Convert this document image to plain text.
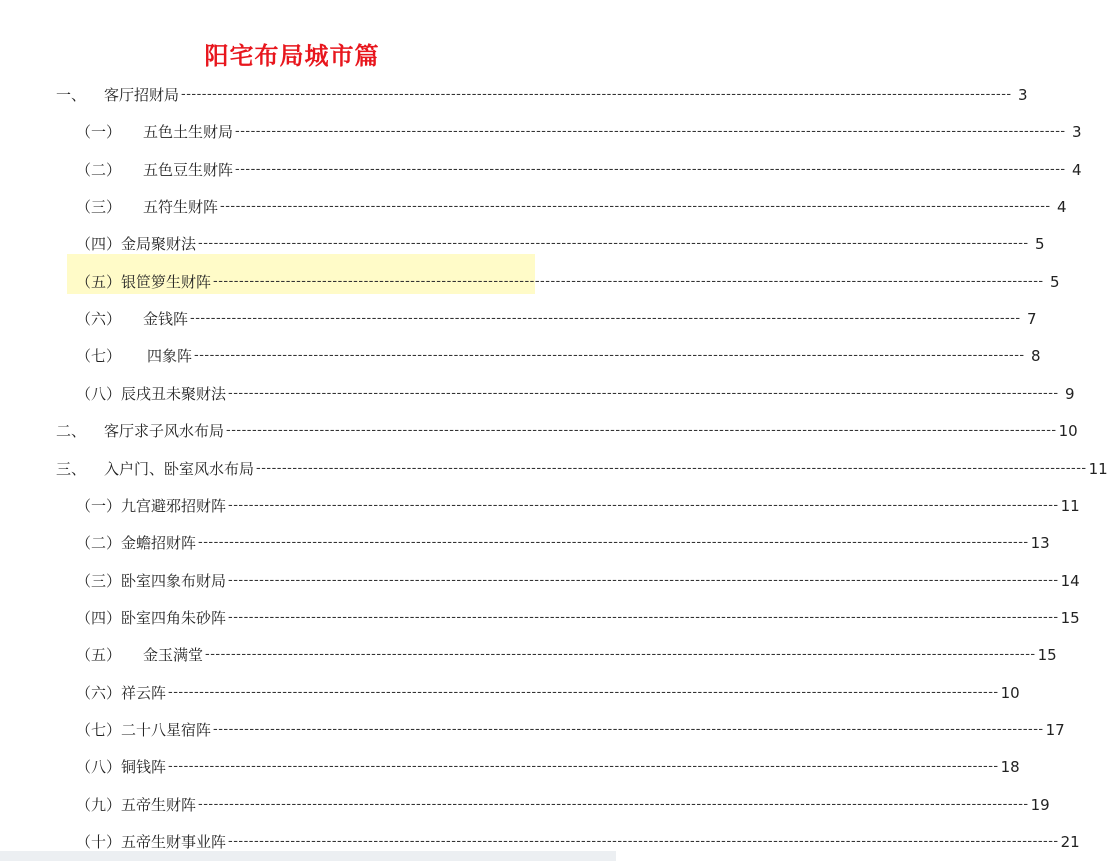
阳宅布局城市篇
一、	客厅招财局 ---------------------------------------------------------------------------------------------------------------------------------------------------------------- 3
（一）	五色土生财局 ---------------------------------------------------------------------------------------------------------------------------------------------------------------- 3
（二）	五色豆生财阵 ---------------------------------------------------------------------------------------------------------------------------------------------------------------- 4
（三）	五符生财阵 ---------------------------------------------------------------------------------------------------------------------------------------------------------------- 4
（四） 金局聚财法 ---------------------------------------------------------------------------------------------------------------------------------------------------------------- 5
（五） 银笸箩生财阵 ---------------------------------------------------------------------------------------------------------------------------------------------------------------- 5
（六）	金钱阵 ---------------------------------------------------------------------------------------------------------------------------------------------------------------- 7
（七）	四象阵 ---------------------------------------------------------------------------------------------------------------------------------------------------------------- 8
（八） 辰戌丑未聚财法 ---------------------------------------------------------------------------------------------------------------------------------------------------------------- 9
二、	客厅求子风水布局 ---------------------------------------------------------------------------------------------------------------------------------------------------------------- 10
三、	入户门、卧室风水布局 ---------------------------------------------------------------------------------------------------------------------------------------------------------------- 11
（一） 九宫避邪招财阵 ---------------------------------------------------------------------------------------------------------------------------------------------------------------- 11
（二） 金蟾招财阵 ---------------------------------------------------------------------------------------------------------------------------------------------------------------- 13
（三） 卧室四象布财局 ---------------------------------------------------------------------------------------------------------------------------------------------------------------- 14
（四） 卧室四角朱砂阵 ---------------------------------------------------------------------------------------------------------------------------------------------------------------- 15
（五）	金玉满堂 ---------------------------------------------------------------------------------------------------------------------------------------------------------------- 15
（六） 祥云阵 ---------------------------------------------------------------------------------------------------------------------------------------------------------------- 10
（七） 二十八星宿阵 ---------------------------------------------------------------------------------------------------------------------------------------------------------------- 17
（八） 铜钱阵 ---------------------------------------------------------------------------------------------------------------------------------------------------------------- 18
（九） 五帝生财阵 ---------------------------------------------------------------------------------------------------------------------------------------------------------------- 19
（十） 五帝生财事业阵 ---------------------------------------------------------------------------------------------------------------------------------------------------------------- 21
